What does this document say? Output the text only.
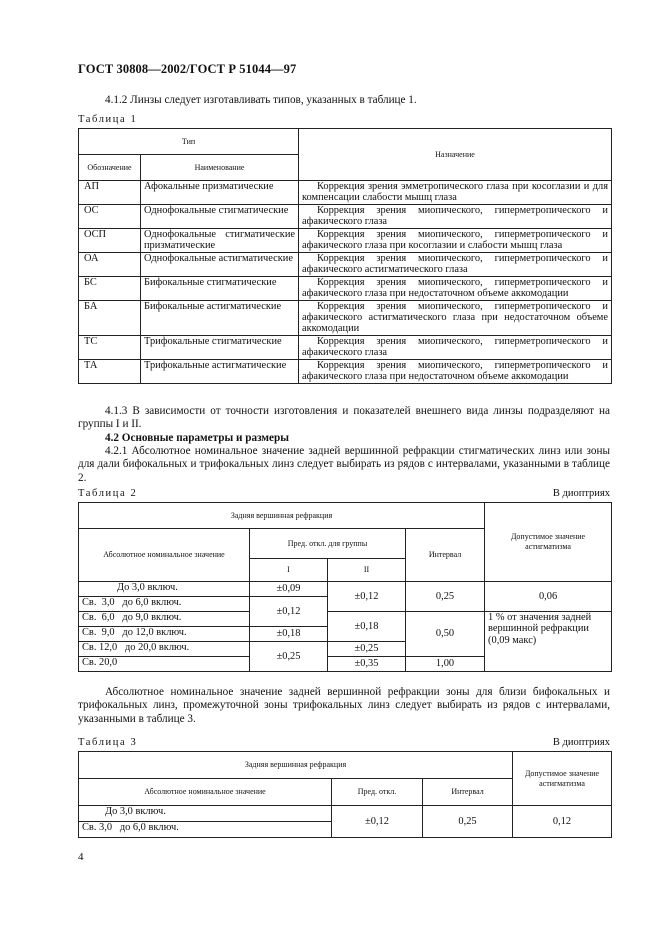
ГОСТ 30808—2002/ГОСТ Р 51044—97
4.1.2 Линзы следует изготавливать типов, указанных в таблице 1.
Таблица 1
Тип		Назначение
Обозначение	Наименование	
АП	Афокальные призматические	Коррекция зрения эмметропического глаза при косоглазии и для компенсации слабости мышц глаза
ОС	Однофокальные стигматические	Коррекция зрения миопического, гиперметропического и афакического глаза
ОСП	Однофокальные стигматические призматические	Коррекция зрения миопического, гиперметропического и афакического глаза при косоглазии и слабости мышц глаза
ОА	Однофокальные астигматические	Коррекция зрения миопического, гиперметропического и афакического астигматического глаза
БС	Бифокальные стигматические	Коррекция зрения миопического, гиперметропического и афакического глаза при недостаточном объеме аккомодации
БА	Бифокальные астигматические	Коррекция зрения миопического, гиперметропического и афакического астигматического глаза при недостаточном объеме аккомодации
ТС	Трифокальные стигматические	Коррекция зрения миопического, гиперметропического и афакического глаза
ТА	Трифокальные астигматические	Коррекция зрения миопического, гиперметропического и афакического глаза при недостаточном объеме аккомодации
4.1.3 В зависимости от точности изготовления и показателей внешнего вида линзы подразделяют на группы I и II.
4.2 Основные параметры и размеры
4.2.1 Абсолютное номинальное значение задней вершинной рефракции стигматических линз или зоны для дали бифокальных и трифокальных линз следует выбирать из рядов с интервалами, указанными в таблице 2.
Таблица 2	В диоптриях
Задняя вершинная рефракция				Допустимое значение астигматизма
Абсолютное номинальное значение	Пред. откл. для группы		Интервал	
	I	II		
До 3,0 включ.	±0,09	±0,12	0,25	0,06
Св.  3,0   до 6,0 включ.	±0,12			
Св.  6,0   до 9,0 включ.		±0,18	0,50	1 % от значения задней вершинной рефракции (0,09 макс)
Св.  9,0   до 12,0 включ.	±0,18			
Св. 12,0   до 20,0 включ.	±0,25	±0,25		
Св. 20,0		±0,35	1,00	
Абсолютное номинальное значение задней вершинной рефракции зоны для близи бифокальных и трифокальных линз, промежуточной зоны трифокальных линз следует выбирать из рядов с интервалами, указанными в таблице 3.
Таблица 3	В диоптриях
Задняя вершинная рефракция			Допустимое значение астигматизма
Абсолютное номинальное значение	Пред. откл.	Интервал	
До 3,0 включ.	±0,12	0,25	0,12
Св. 3,0   до 6,0 включ.			
4
